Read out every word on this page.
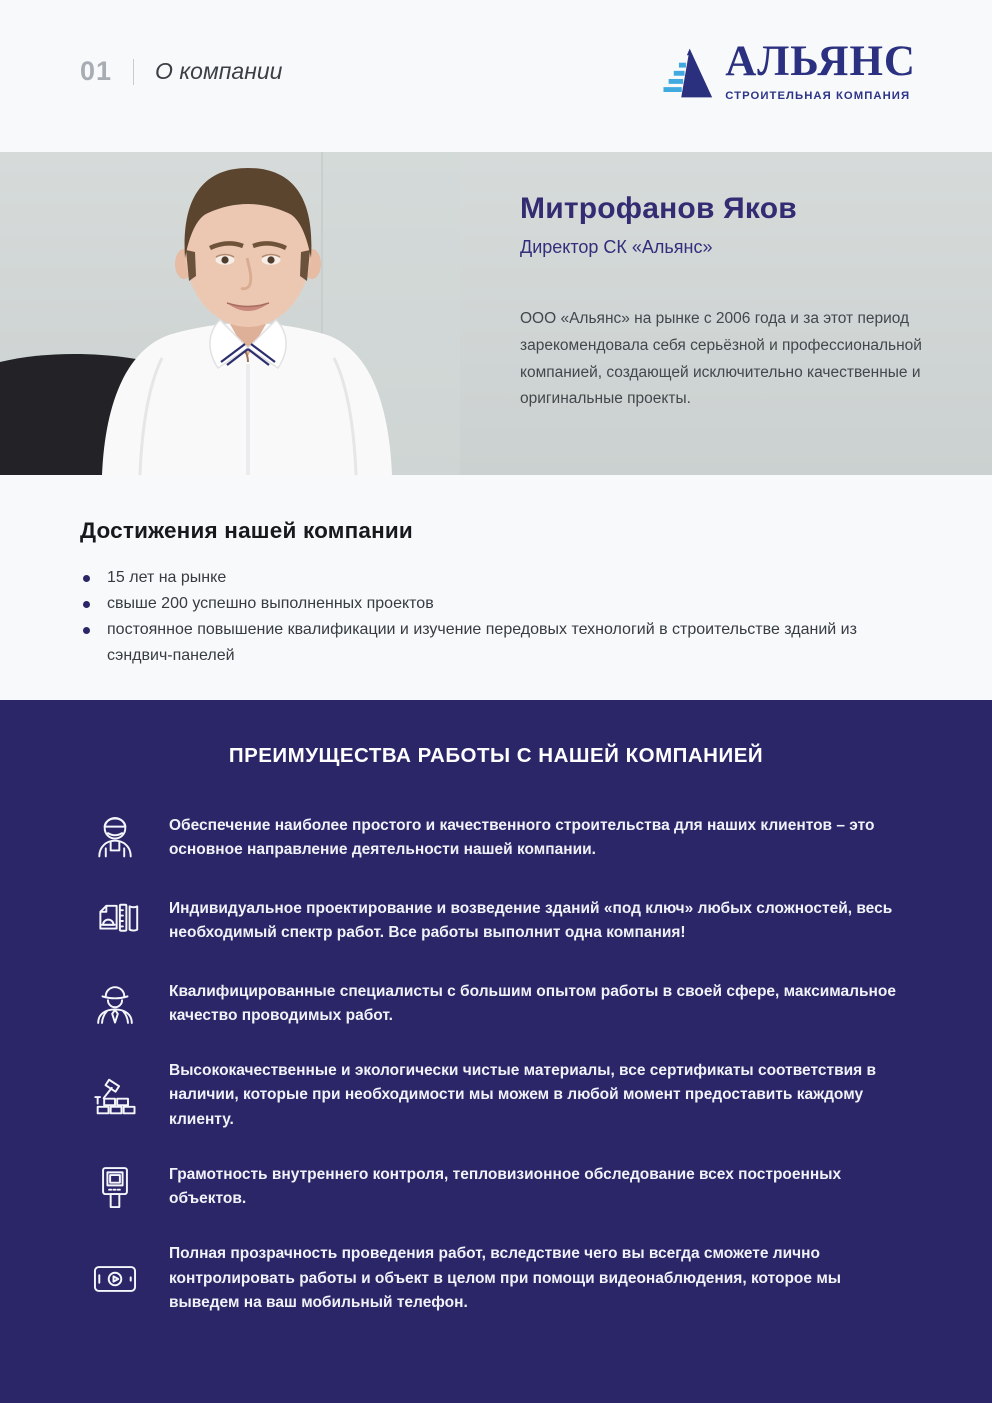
01 О компании	АЛЬЯНС
СТРОИТЕЛЬНАЯ КОМПАНИЯ
Митрофанов Яков
Директор СК «Альянс»

ООО «Альянс» на рынке с 2006 года и за этот период зарекомендовала себя серьёзной и профессиональной компанией, создающей исключительно качественные и оригинальные проекты.

Достижения нашей компании
15 лет на рынке
свыше 200 успешно выполненных проектов
постоянное повышение квалификации и изучение передовых технологий в строительстве зданий из сэндвич-панелей
ПРЕИМУЩЕСТВА РАБОТЫ С НАШЕЙ КОМПАНИЕЙ

Обеспечение наиболее простого и качественного строительства для наших клиентов – это основное направление деятельности нашей компании.

Индивидуальное проектирование и возведение зданий «под ключ» любых сложностей, весь необходимый спектр работ. Все работы выполнит одна компания!

Квалифицированные специалисты с большим опытом работы в своей сфере, максимальное качество проводимых работ.

Высококачественные и экологически чистые материалы, все сертификаты соответствия в наличии, которые при необходимости мы можем в любой момент предоставить каждому клиенту.

Грамотность внутреннего контроля, тепловизионное обследование всех построенных объектов.

Полная прозрачность проведения работ, вследствие чего вы всегда сможете лично контролировать работы и объект в целом при помощи видеонаблюдения, которое мы выведем на ваш мобильный телефон.
